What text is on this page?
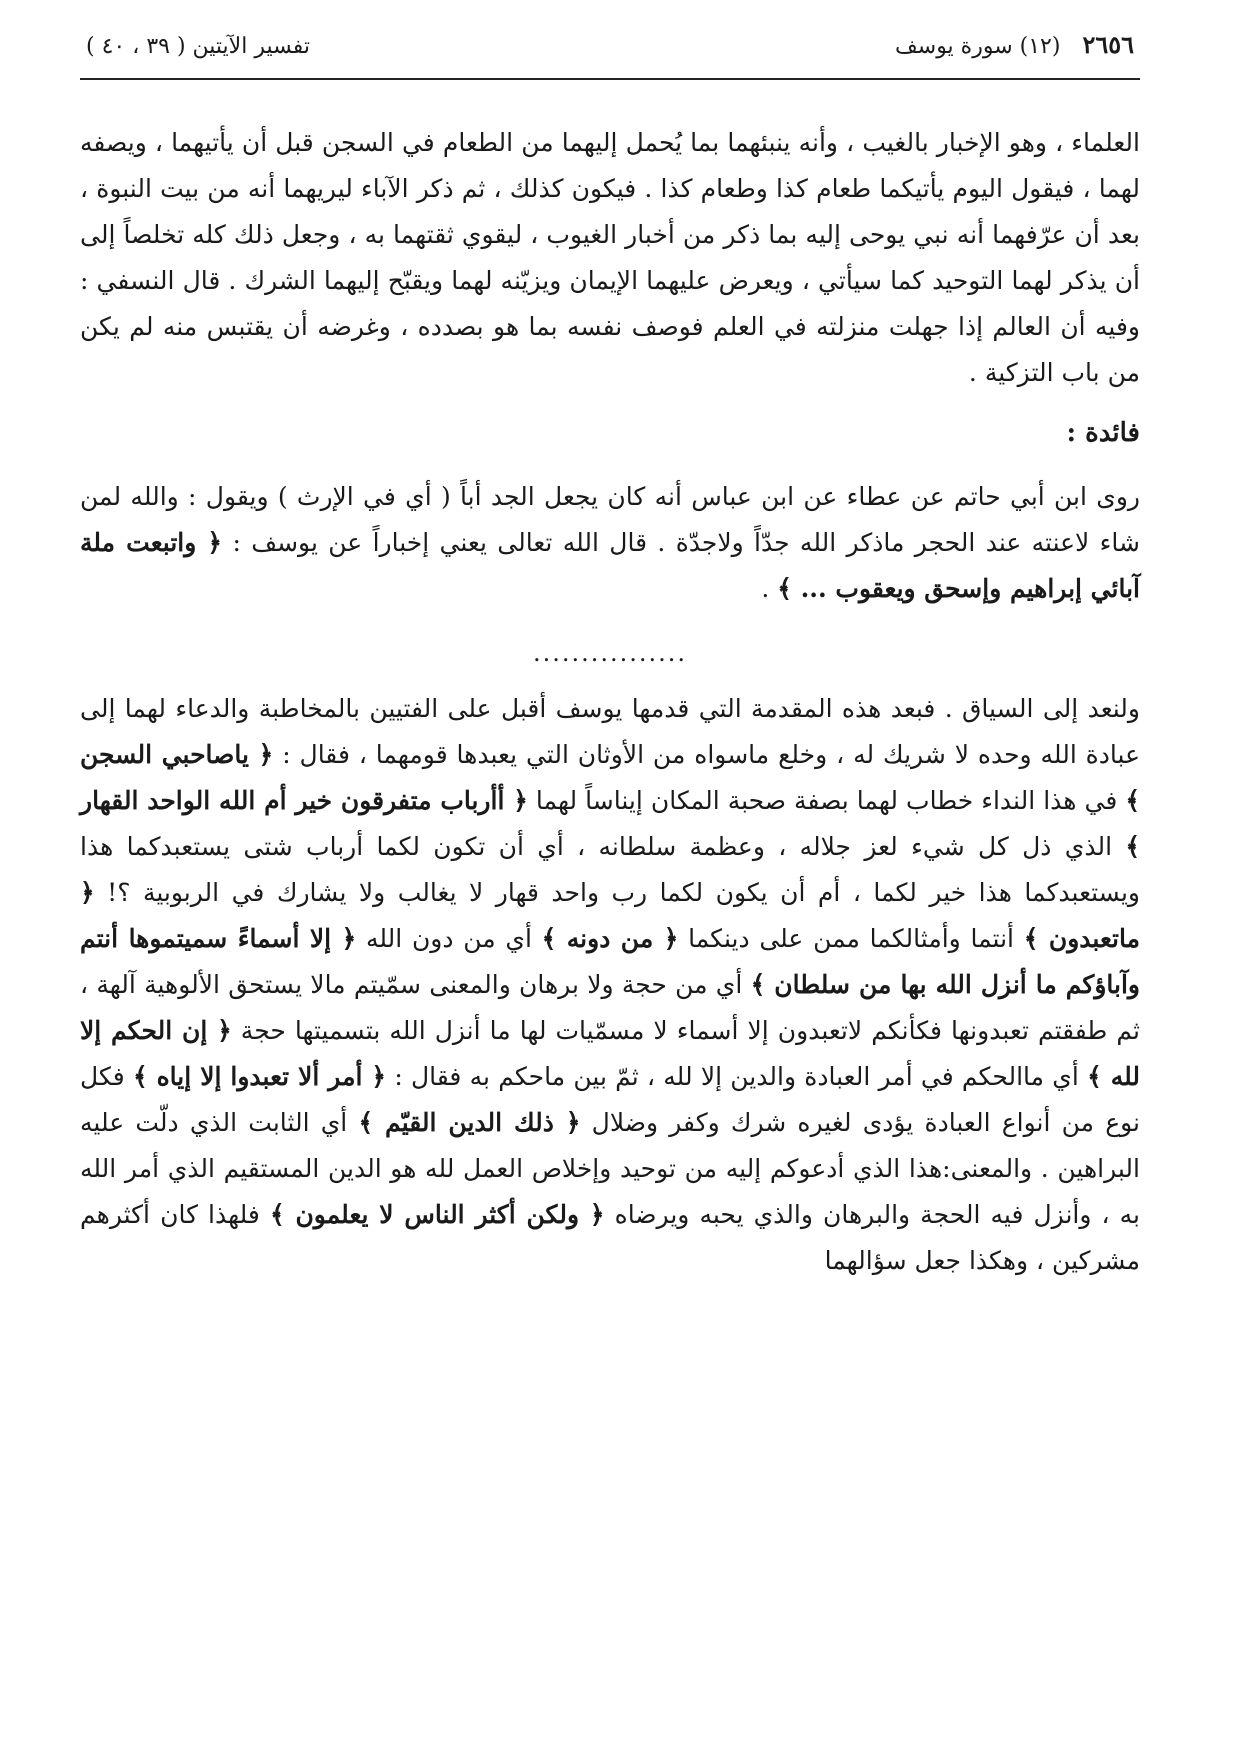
٢٦٥٦
(١٢) سورة يوسف
تفسير الآيتين ( ٣٩ ، ٤٠ )

العلماء ، وهو الإخبار بالغيب ، وأنه ينبئهما بما يُحمل إليهما من الطعام في السجن قبل أن يأتيهما ، ويصفه لهما ، فيقول اليوم يأتيكما طعام كذا وطعام كذا . فيكون كذلك ، ثم ذكر الآباء ليريهما أنه من بيت النبوة ، بعد أن عرّفهما أنه نبي يوحى إليه بما ذكر من أخبار الغيوب ، ليقوي ثقتهما به ، وجعل ذلك كله تخلصاً إلى أن يذكر لهما التوحيد كما سيأتي ، ويعرض عليهما الإيمان ويزيّنه لهما ويقبّح إليهما الشرك . قال النسفي : وفيه أن العالم إذا جهلت منزلته في العلم فوصف نفسه بما هو بصدده ، وغرضه أن يقتبس منه لم يكن من باب التزكية .

فائدة :

روى ابن أبي حاتم عن عطاء عن ابن عباس أنه كان يجعل الجد أباً ( أي في الإرث ) ويقول : والله لمن شاء لاعنته عند الحجر ماذكر الله جدّاً ولاجدّة . قال الله تعالى يعني إخباراً عن يوسف : ﴿ واتبعت ملة آبائي إبراهيم وإسحق ويعقوب ... ﴾ .

................

ولنعد إلى السياق . فبعد هذه المقدمة التي قدمها يوسف أقبل على الفتيين بالمخاطبة والدعاء لهما إلى عبادة الله وحده لا شريك له ، وخلع ماسواه من الأوثان التي يعبدها قومهما ، فقال : ﴿ ياصاحبي السجن ﴾ في هذا النداء خطاب لهما بصفة صحبة المكان إيناساً لهما ﴿ أأرباب متفرقون خير أم الله الواحد القهار ﴾ الذي ذل كل شيء لعز جلاله ، وعظمة سلطانه ، أي أن تكون لكما أرباب شتى يستعبدكما هذا ويستعبدكما هذا خير لكما ، أم أن يكون لكما رب واحد قهار لا يغالب ولا يشارك في الربوبية ؟! ﴿ ماتعبدون ﴾ أنتما وأمثالكما ممن على دينكما ﴿ من دونه ﴾ أي من دون الله ﴿ إلا أسماءً سميتموها أنتم وآباؤكم ما أنزل الله بها من سلطان ﴾ أي من حجة ولا برهان والمعنى سمّيتم مالا يستحق الألوهية آلهة ، ثم طفقتم تعبدونها فكأنكم لاتعبدون إلا أسماء لا مسمّيات لها ما أنزل الله بتسميتها حجة ﴿ إن الحكم إلا لله ﴾ أي ماالحكم في أمر العبادة والدين إلا لله ، ثمّ بين ماحكم به فقال : ﴿ أمر ألا تعبدوا إلا إياه ﴾ فكل نوع من أنواع العبادة يؤدى لغيره شرك وكفر وضلال ﴿ ذلك الدين القيّم ﴾ أي الثابت الذي دلّت عليه البراهين . والمعنى:هذا الذي أدعوكم إليه من توحيد وإخلاص العمل لله هو الدين المستقيم الذي أمر الله به ، وأنزل فيه الحجة والبرهان والذي يحبه ويرضاه ﴿ ولكن أكثر الناس لا يعلمون ﴾ فلهذا كان أكثرهم مشركين ، وهكذا جعل سؤالهما
